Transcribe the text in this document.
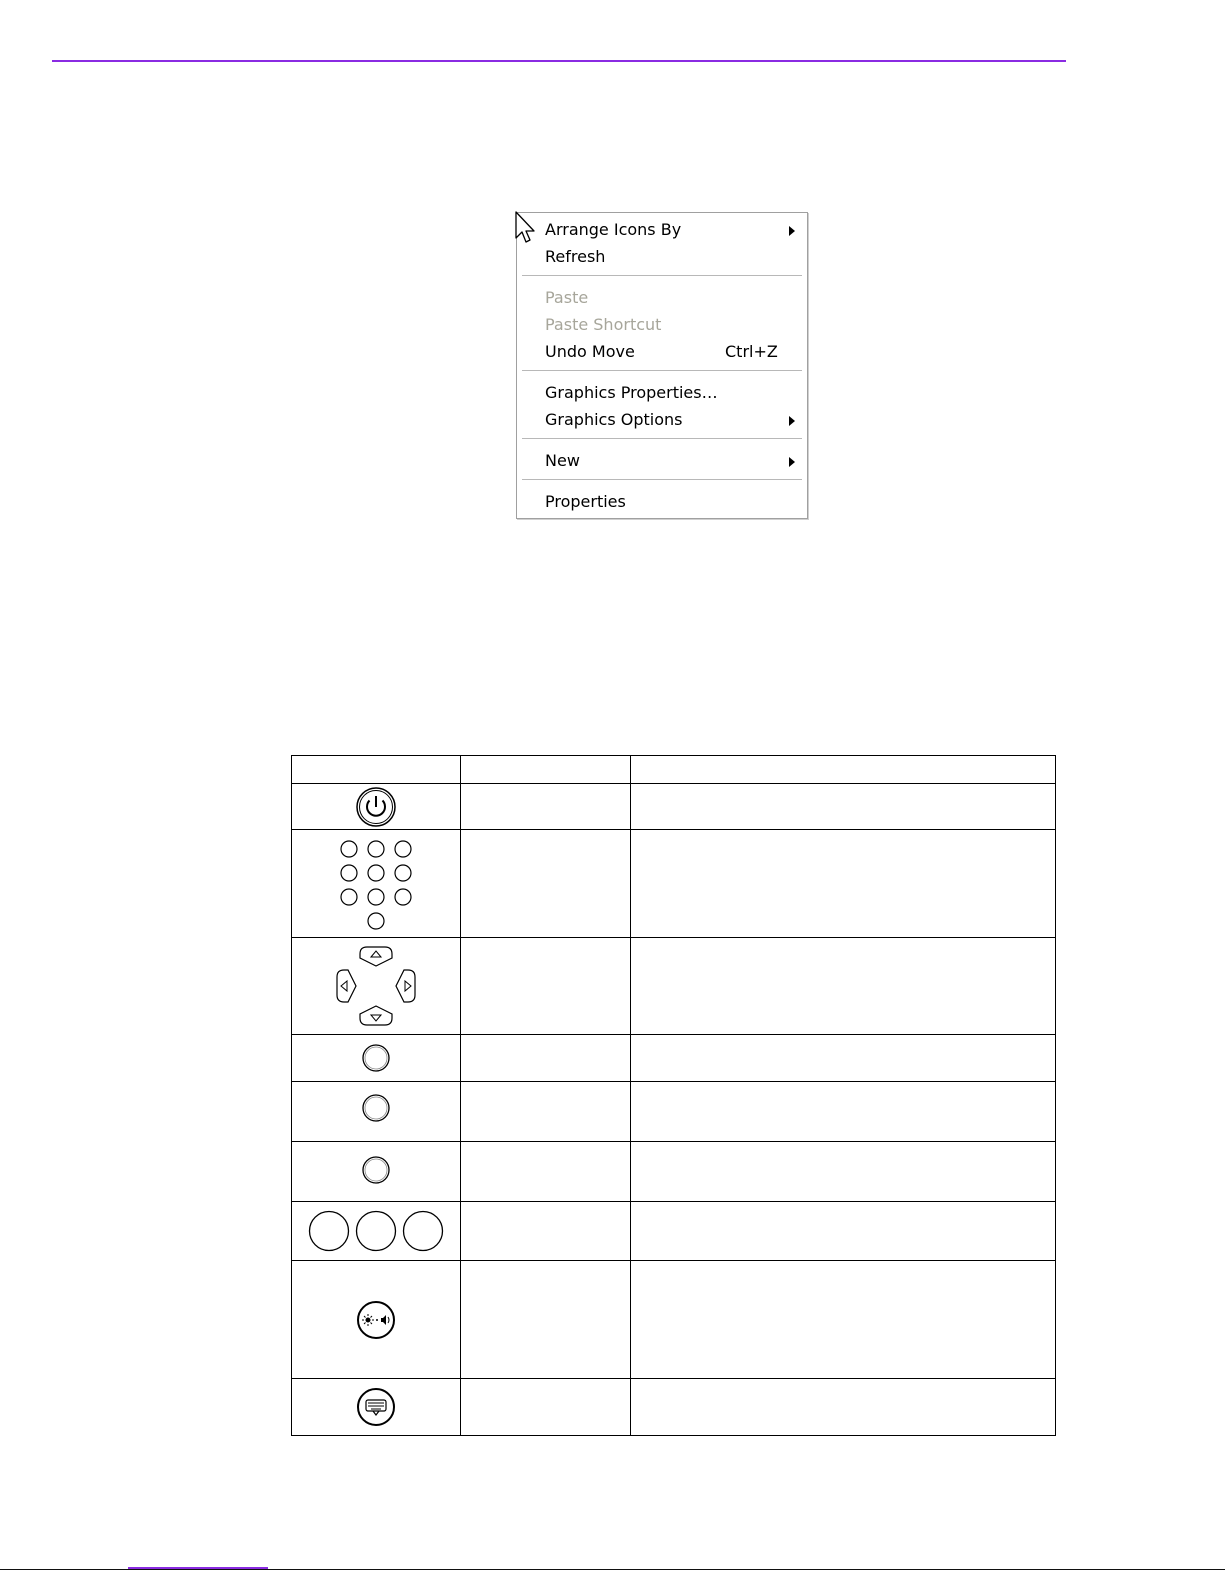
Arrange Icons By
Refresh
Paste
Paste Shortcut
Undo Move	Ctrl+Z
Graphics Properties…
Graphics Options
New
Properties
